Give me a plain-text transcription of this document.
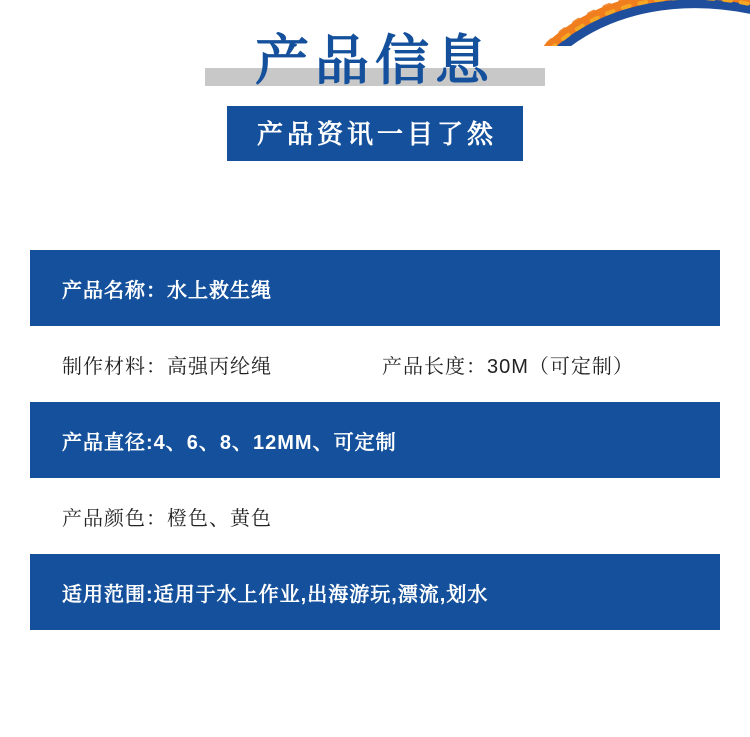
产品信息
产品资讯一目了然
产品名称：水上救生绳
制作材料：高强丙纶绳	产品长度：30M（可定制）
产品直径:4、6、8、12MM、可定制
产品颜色：橙色、黄色
适用范围:适用于水上作业,出海游玩,漂流,划水
